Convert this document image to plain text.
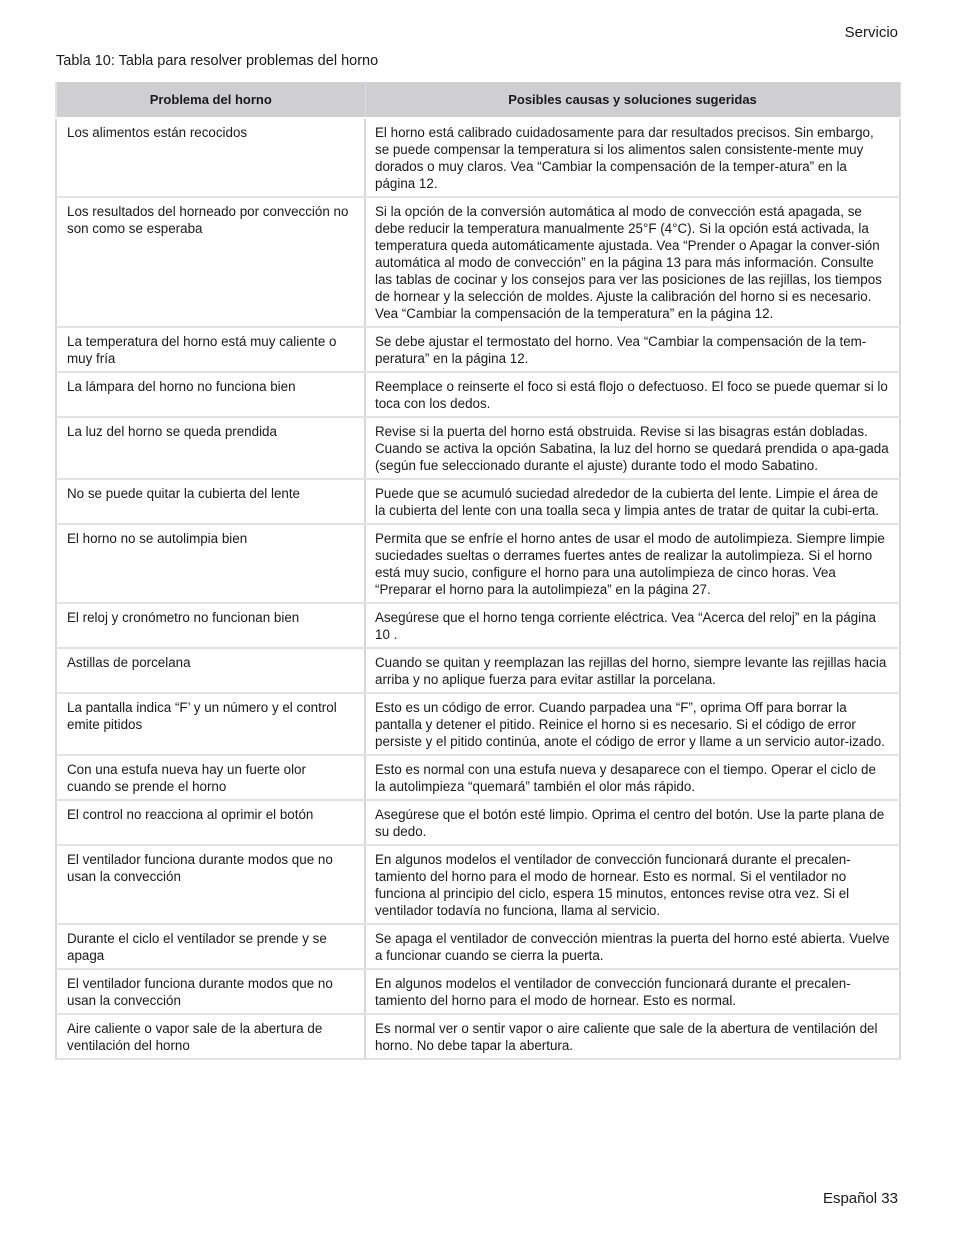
Servicio
Tabla 10: Tabla para resolver problemas del horno
Problema del horno	Posibles causas y soluciones sugeridas
Los alimentos están recocidos	El horno está calibrado cuidadosamente para dar resultados precisos. Sin embargo, se puede compensar la temperatura si los alimentos salen consistente-mente muy dorados o muy claros. Vea “Cambiar la compensación de la temper-atura” en la página 12.
Los resultados del horneado por convección no son como se esperaba	Si la opción de la conversión automática al modo de convección está apagada, se debe reducir la temperatura manualmente 25°F (4°C). Si la opción está activada, la temperatura queda automáticamente ajustada. Vea “Prender o Apagar la conver-sión automática al modo de convección” en la página 13 para más información. Consulte las tablas de cocinar y los consejos para ver las posiciones de las rejillas, los tiempos de hornear y la selección de moldes. Ajuste la calibración del horno si es necesario. Vea “Cambiar la compensación de la temperatura” en la página 12.
La temperatura del horno está muy caliente o muy fría	Se debe ajustar el termostato del horno. Vea “Cambiar la compensación de la tem-peratura” en la página 12.
La lámpara del horno no funciona bien	Reemplace o reinserte el foco si está flojo o defectuoso. El foco se puede quemar si lo toca con los dedos.
La luz del horno se queda prendida	Revise si la puerta del horno está obstruida. Revise si las bisagras están dobladas. Cuando se activa la opción Sabatina, la luz del horno se quedará prendida o apa-gada (según fue seleccionado durante el ajuste) durante todo el modo Sabatino.
No se puede quitar la cubierta del lente	Puede que se acumuló suciedad alrededor de la cubierta del lente. Limpie el área de la cubierta del lente con una toalla seca y limpia antes de tratar de quitar la cubi-erta.
El horno no se autolimpia bien	Permita que se enfríe el horno antes de usar el modo de autolimpieza. Siempre limpie suciedades sueltas o derrames fuertes antes de realizar la autolimpieza. Si el horno está muy sucio, configure el horno para una autolimpieza de cinco horas. Vea “Preparar el horno para la autolimpieza” en la página 27.
El reloj y cronómetro no funcionan bien	Asegúrese que el horno tenga corriente eléctrica. Vea “Acerca del reloj” en la página 10 .
Astillas de porcelana	Cuando se quitan y reemplazan las rejillas del horno, siempre levante las rejillas hacia arriba y no aplique fuerza para evitar astillar la porcelana.
La pantalla indica “F’ y un número y el control emite pitidos	Esto es un código de error. Cuando parpadea una “F”, oprima Off para borrar la pantalla y detener el pitido. Reinice el horno si es necesario. Si el código de error persiste y el pitido continúa, anote el código de error y llame a un servicio autor-izado.
Con una estufa nueva hay un fuerte olor cuando se prende el horno	Esto es normal con una estufa nueva y desaparece con el tiempo. Operar el ciclo de la autolimpieza “quemará” también el olor más rápido.
El control no reacciona al oprimir el botón	Asegúrese que el botón esté limpio. Oprima el centro del botón. Use la parte plana de su dedo.
El ventilador funciona durante modos que no usan la convección	En algunos modelos el ventilador de convección funcionará durante el precalen-tamiento del horno para el modo de hornear. Esto es normal. Si el ventilador no funciona al principio del ciclo, espera 15 minutos, entonces revise otra vez. Si el ventilador todavía no funciona, llama al servicio.
Durante el ciclo el ventilador se prende y se apaga	Se apaga el ventilador de convección mientras la puerta del horno esté abierta. Vuelve a funcionar cuando se cierra la puerta.
El ventilador funciona durante modos que no usan la convección	En algunos modelos el ventilador de convección funcionará durante el precalen-tamiento del horno para el modo de hornear. Esto es normal.
Aire caliente o vapor sale de la abertura de ventilación del horno	Es normal ver o sentir vapor o aire caliente que sale de la abertura de ventilación del horno. No debe tapar la abertura.
Español 33
